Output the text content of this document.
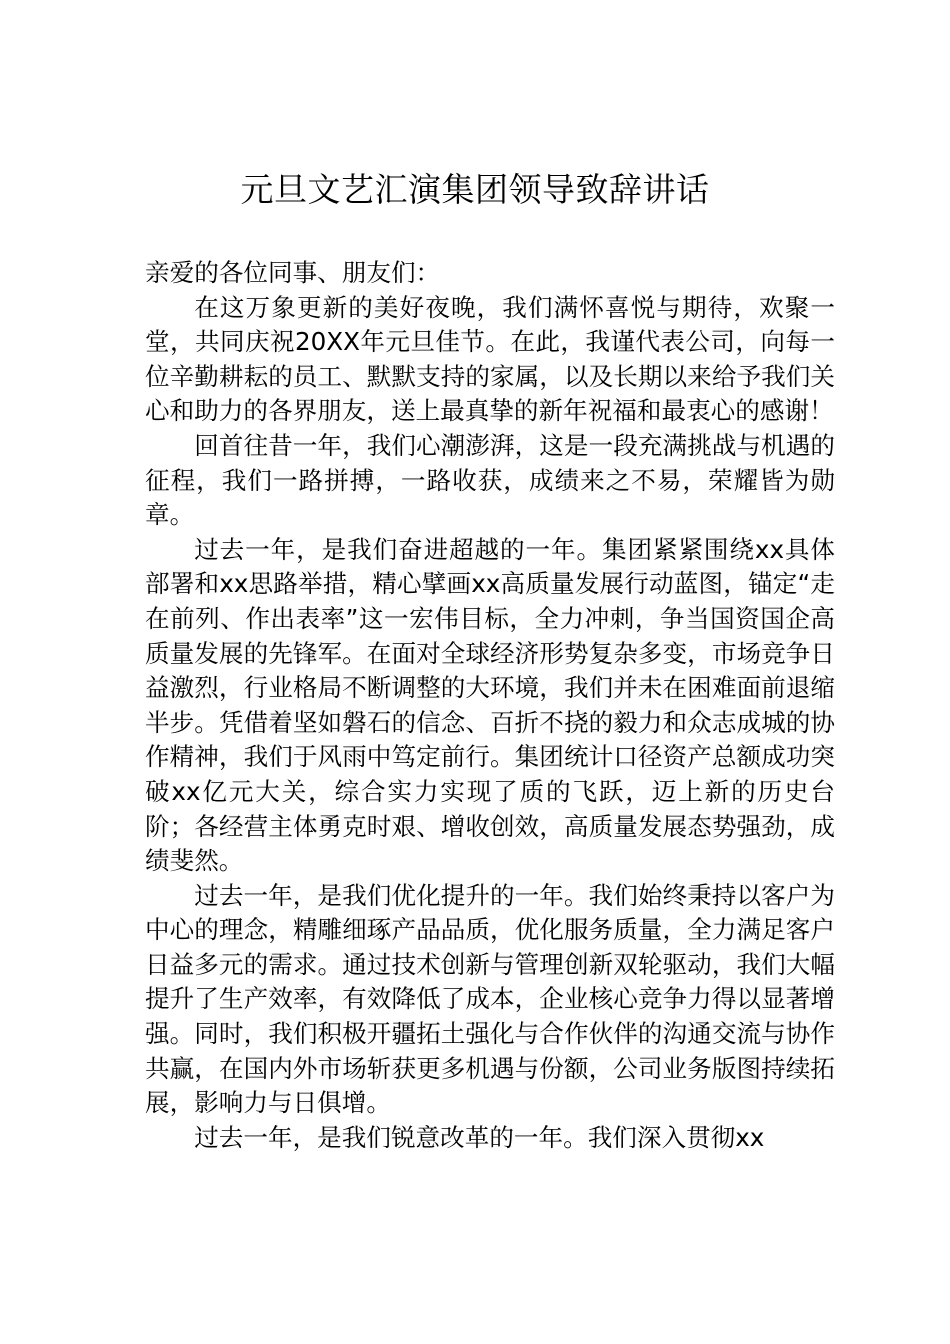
元旦文艺汇演集团领导致辞讲话

亲爱的各位同事、朋友们：

在这万象更新的美好夜晚，我们满怀喜悦与期待，欢聚一堂，共同庆祝20XX年元旦佳节。在此，我谨代表公司，向每一位辛勤耕耘的员工、默默支持的家属，以及长期以来给予我们关心和助力的各界朋友，送上最真挚的新年祝福和最衷心的感谢！

回首往昔一年，我们心潮澎湃，这是一段充满挑战与机遇的征程，我们一路拼搏，一路收获，成绩来之不易，荣耀皆为勋章。

过去一年，是我们奋进超越的一年。集团紧紧围绕xx具体部署和xx思路举措，精心擘画xx高质量发展行动蓝图，锚定“走在前列、作出表率”这一宏伟目标，全力冲刺，争当国资国企高质量发展的先锋军。在面对全球经济形势复杂多变，市场竞争日益激烈，行业格局不断调整的大环境，我们并未在困难面前退缩半步。凭借着坚如磐石的信念、百折不挠的毅力和众志成城的协作精神，我们于风雨中笃定前行。集团统计口径资产总额成功突破xx亿元大关，综合实力实现了质的飞跃，迈上新的历史台阶；各经营主体勇克时艰、增收创效，高质量发展态势强劲，成绩斐然。

过去一年，是我们优化提升的一年。我们始终秉持以客户为中心的理念，精雕细琢产品品质，优化服务质量，全力满足客户日益多元的需求。通过技术创新与管理创新双轮驱动，我们大幅提升了生产效率，有效降低了成本，企业核心竞争力得以显著增强。同时，我们积极开疆拓土强化与合作伙伴的沟通交流与协作共赢，在国内外市场斩获更多机遇与份额，公司业务版图持续拓展，影响力与日俱增。

过去一年，是我们锐意改革的一年。我们深入贯彻xx
